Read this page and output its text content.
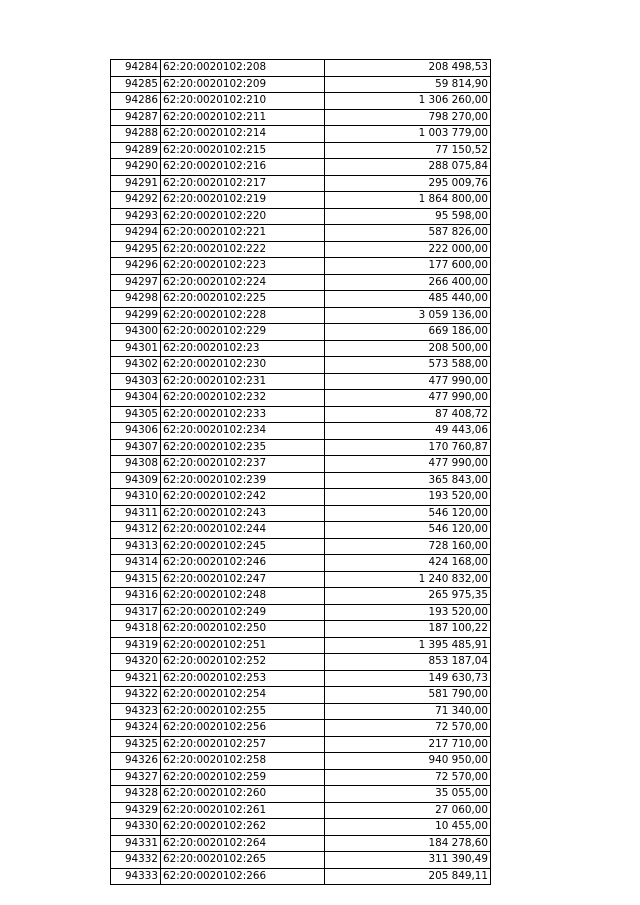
94284	62:20:0020102:208	208 498,53
94285	62:20:0020102:209	59 814,90
94286	62:20:0020102:210	1 306 260,00
94287	62:20:0020102:211	798 270,00
94288	62:20:0020102:214	1 003 779,00
94289	62:20:0020102:215	77 150,52
94290	62:20:0020102:216	288 075,84
94291	62:20:0020102:217	295 009,76
94292	62:20:0020102:219	1 864 800,00
94293	62:20:0020102:220	95 598,00
94294	62:20:0020102:221	587 826,00
94295	62:20:0020102:222	222 000,00
94296	62:20:0020102:223	177 600,00
94297	62:20:0020102:224	266 400,00
94298	62:20:0020102:225	485 440,00
94299	62:20:0020102:228	3 059 136,00
94300	62:20:0020102:229	669 186,00
94301	62:20:0020102:23	208 500,00
94302	62:20:0020102:230	573 588,00
94303	62:20:0020102:231	477 990,00
94304	62:20:0020102:232	477 990,00
94305	62:20:0020102:233	87 408,72
94306	62:20:0020102:234	49 443,06
94307	62:20:0020102:235	170 760,87
94308	62:20:0020102:237	477 990,00
94309	62:20:0020102:239	365 843,00
94310	62:20:0020102:242	193 520,00
94311	62:20:0020102:243	546 120,00
94312	62:20:0020102:244	546 120,00
94313	62:20:0020102:245	728 160,00
94314	62:20:0020102:246	424 168,00
94315	62:20:0020102:247	1 240 832,00
94316	62:20:0020102:248	265 975,35
94317	62:20:0020102:249	193 520,00
94318	62:20:0020102:250	187 100,22
94319	62:20:0020102:251	1 395 485,91
94320	62:20:0020102:252	853 187,04
94321	62:20:0020102:253	149 630,73
94322	62:20:0020102:254	581 790,00
94323	62:20:0020102:255	71 340,00
94324	62:20:0020102:256	72 570,00
94325	62:20:0020102:257	217 710,00
94326	62:20:0020102:258	940 950,00
94327	62:20:0020102:259	72 570,00
94328	62:20:0020102:260	35 055,00
94329	62:20:0020102:261	27 060,00
94330	62:20:0020102:262	10 455,00
94331	62:20:0020102:264	184 278,60
94332	62:20:0020102:265	311 390,49
94333	62:20:0020102:266	205 849,11
